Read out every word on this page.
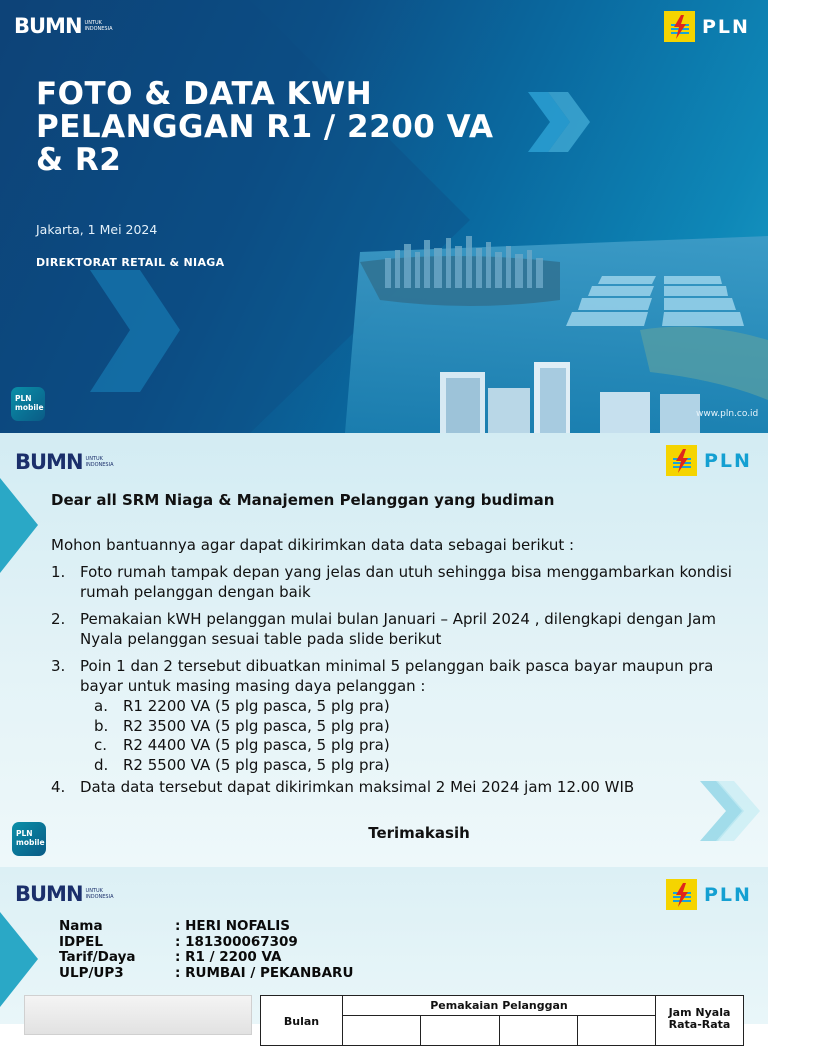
BUMN UNTUK
INDONESIA	PLN
FOTO & DATA KWH
PELANGGAN R1 / 2200 VA
& R2
Jakarta, 1 Mei 2024
DIREKTORAT RETAIL & NIAGA
PLN
mobile
www.pln.co.id
BUMN UNTUK
INDONESIA	PLN
Dear all SRM Niaga & Manajemen Pelanggan yang budiman
Mohon bantuannya agar dapat dikirimkan data data sebagai berikut :
1. Foto rumah tampak depan yang jelas dan utuh sehingga bisa menggambarkan kondisi rumah pelanggan dengan baik
2. Pemakaian kWH pelanggan mulai bulan Januari – April 2024 , dilengkapi dengan Jam Nyala pelanggan sesuai table pada slide berikut
3. Poin 1 dan 2 tersebut dibuatkan minimal 5 pelanggan baik pasca bayar maupun pra bayar untuk masing masing daya pelanggan :
a.	R1 2200 VA (5 plg pasca, 5 plg pra)
b. R2 3500 VA (5 plg pasca, 5 plg pra)
c.	R2 4400 VA (5 plg pasca, 5 plg pra)
d. R2 5500 VA (5 plg pasca, 5 plg pra)
4. Data data tersebut dapat dikirimkan maksimal 2 Mei 2024 jam 12.00 WIB
PLN
mobile
Terimakasih
BUMN UNTUK
INDONESIA	PLN
Nama	: HERI NOFALIS
IDPEL	: 181300067309
Tarif/Daya	: R1 / 2200 VA
ULP/UP3	: RUMBAI / PEKANBARU
Bulan	Pemakaian Pelanggan				Jam Nyala Rata-Rata
